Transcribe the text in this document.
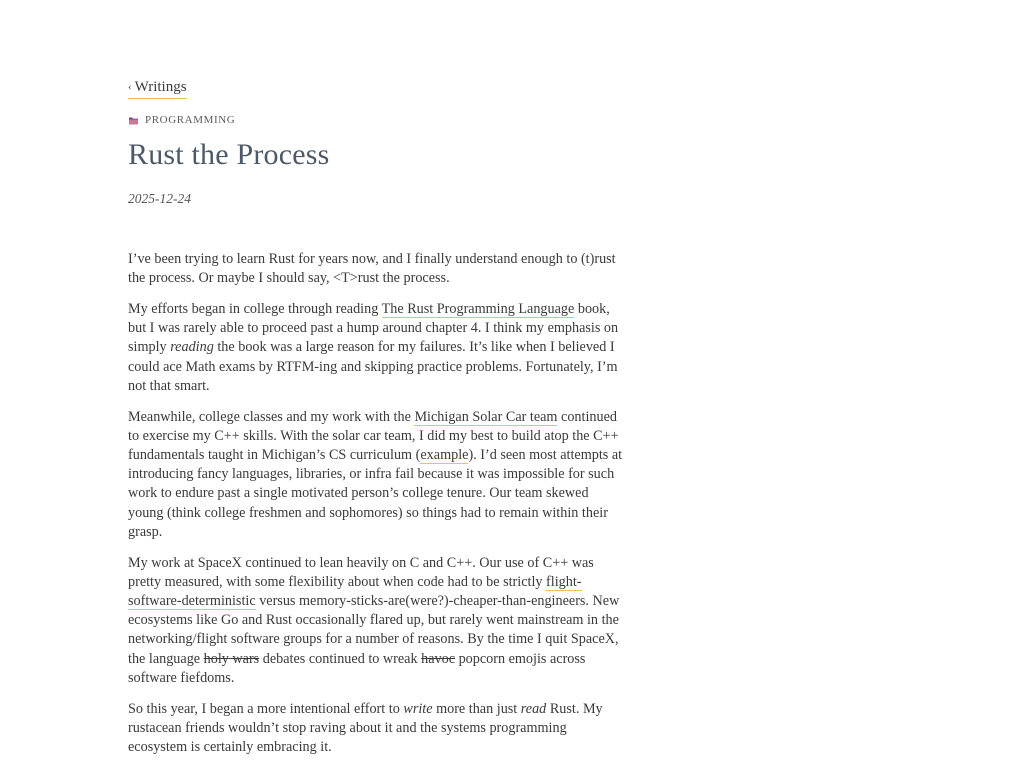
‹ Writings
PROGRAMMING
Rust the Process
2025-12-24

I’ve been trying to learn Rust for years now, and I finally understand enough to (t)rust the process. Or maybe I should say, <T>rust the process.

My efforts began in college through reading The Rust Programming Language book, but I was rarely able to proceed past a hump around chapter 4. I think my emphasis on simply reading the book was a large reason for my failures. It’s like when I believed I could ace Math exams by RTFM-ing and skipping practice problems. Fortunately, I’m not that smart.

Meanwhile, college classes and my work with the Michigan Solar Car team continued to exercise my C++ skills. With the solar car team, I did my best to build atop the C++ fundamentals taught in Michigan’s CS curriculum (example). I’d seen most attempts at introducing fancy languages, libraries, or infra fail because it was impossible for such work to endure past a single motivated person’s college tenure. Our team skewed young (think college freshmen and sophomores) so things had to remain within their grasp.

My work at SpaceX continued to lean heavily on C and C++. Our use of C++ was pretty measured, with some flexibility about when code had to be strictly flight-software-deterministic versus memory-sticks-are(were?)-cheaper-than-engineers. New ecosystems like Go and Rust occasionally flared up, but rarely went mainstream in the networking/flight software groups for a number of reasons. By the time I quit SpaceX, the language holy wars debates continued to wreak havoc popcorn emojis across software fiefdoms.

So this year, I began a more intentional effort to write more than just read Rust. My rustacean friends wouldn’t stop raving about it and the systems programming ecosystem is certainly embracing it.
